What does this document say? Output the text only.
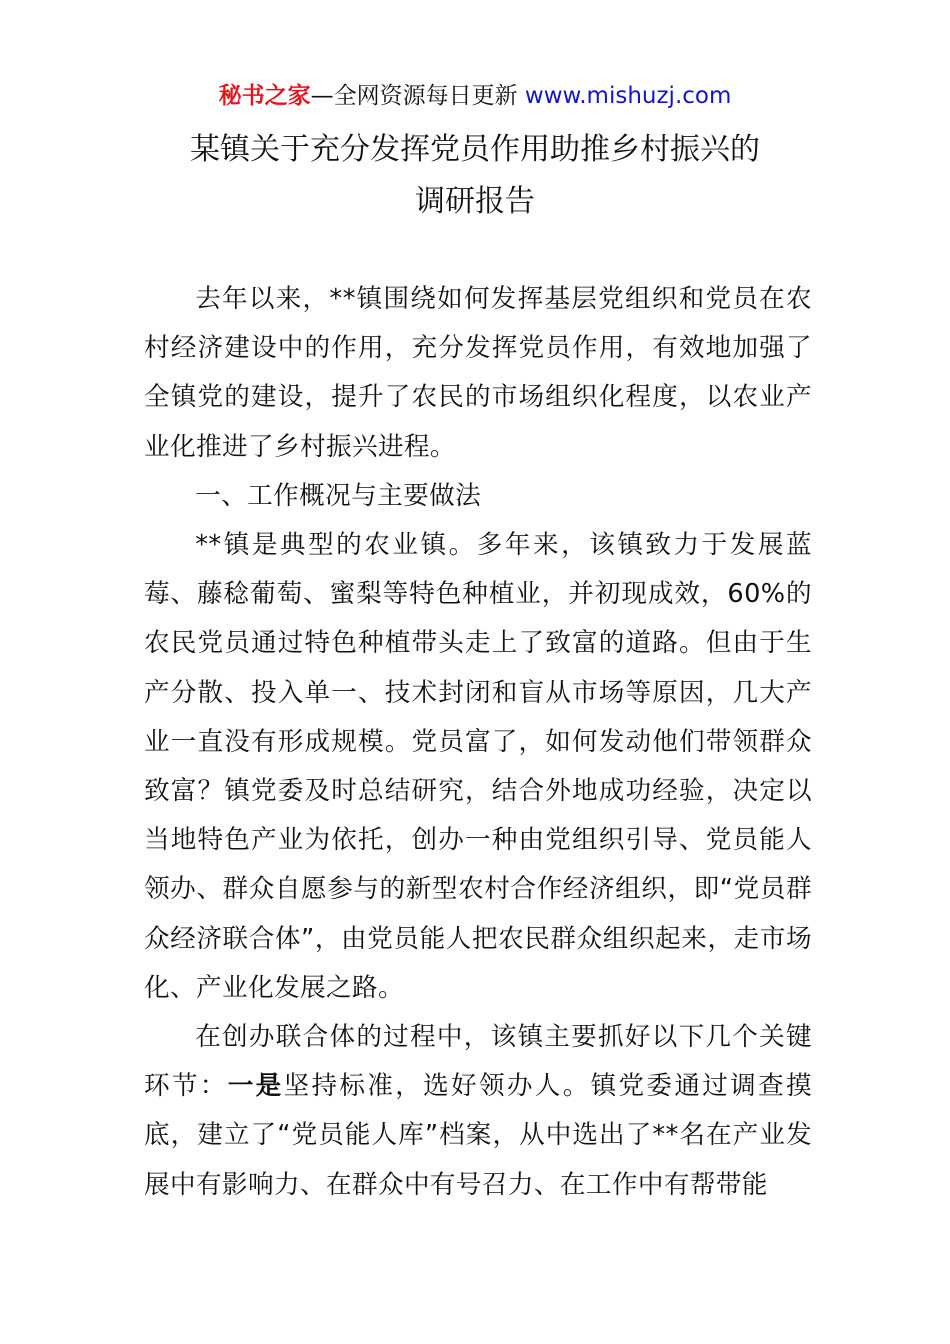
秘书之家—全网资源每日更新 www.mishuzj.com
某镇关于充分发挥党员作用助推乡村振兴的
调研报告

去年以来，**镇围绕如何发挥基层党组织和党员在农村经济建设中的作用，充分发挥党员作用，有效地加强了全镇党的建设，提升了农民的市场组织化程度，以农业产业化推进了乡村振兴进程。

一、工作概况与主要做法

**镇是典型的农业镇。多年来，该镇致力于发展蓝莓、藤稔葡萄、蜜梨等特色种植业，并初现成效，60%的农民党员通过特色种植带头走上了致富的道路。但由于生产分散、投入单一、技术封闭和盲从市场等原因，几大产业一直没有形成规模。党员富了，如何发动他们带领群众致富？镇党委及时总结研究，结合外地成功经验，决定以当地特色产业为依托，创办一种由党组织引导、党员能人领办、群众自愿参与的新型农村合作经济组织，即“党员群众经济联合体”，由党员能人把农民群众组织起来，走市场化、产业化发展之路。

在创办联合体的过程中，该镇主要抓好以下几个关键环节：一是坚持标准，选好领办人。镇党委通过调查摸底，建立了“党员能人库”档案，从中选出了**名在产业发展中有影响力、在群众中有号召力、在工作中有帮带能
